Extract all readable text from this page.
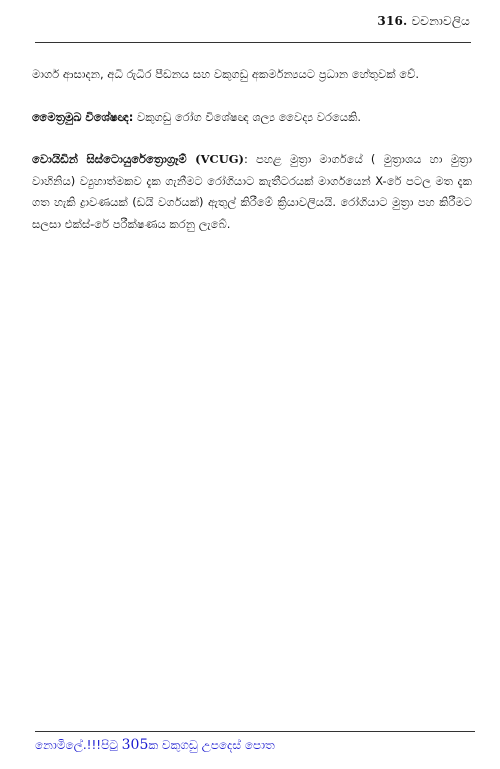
316. වචනාවලිය

මාර්ග ආසාදන, අධි රුධිර පීඩනය සහ වකුගඩු අකර්මන්‍යයට ප්‍රධාන හේතුවක් වේ.

මෛත්‍රමුඛ විශේෂඥ: වකුගඩු රෝග විශේෂඥ ශල්‍ය වෛද්‍ය වරයෙකි.

වොයිඩින් සිස්ටොයුරේත්‍රොග්‍රෑම් (VCUG): පහළ මුත්‍රා මාර්ගයේ ( මුත්‍රාශය හා මුත්‍රා වාහිනිය) ව්‍යුහාත්මකව දැක ගැනීමට රෝගියාට කැතීටරයක් මාර්ගයෙන් X-රේ පටල මත දැක ගත හැකි ද්‍රාවණයක් (ඩයි වර්ගයක්) ඇතුල් කිරීමේ ක්‍රියාවලියයි. රෝගියාට මුත්‍රා පහ කිරීමට සලසා එක්ස්-රේ පරීක්ෂණය කරනු ලැබේ.

නොමිලේ.!!!පිටු 305ක වකුගඩු උපදෙස් පොත
